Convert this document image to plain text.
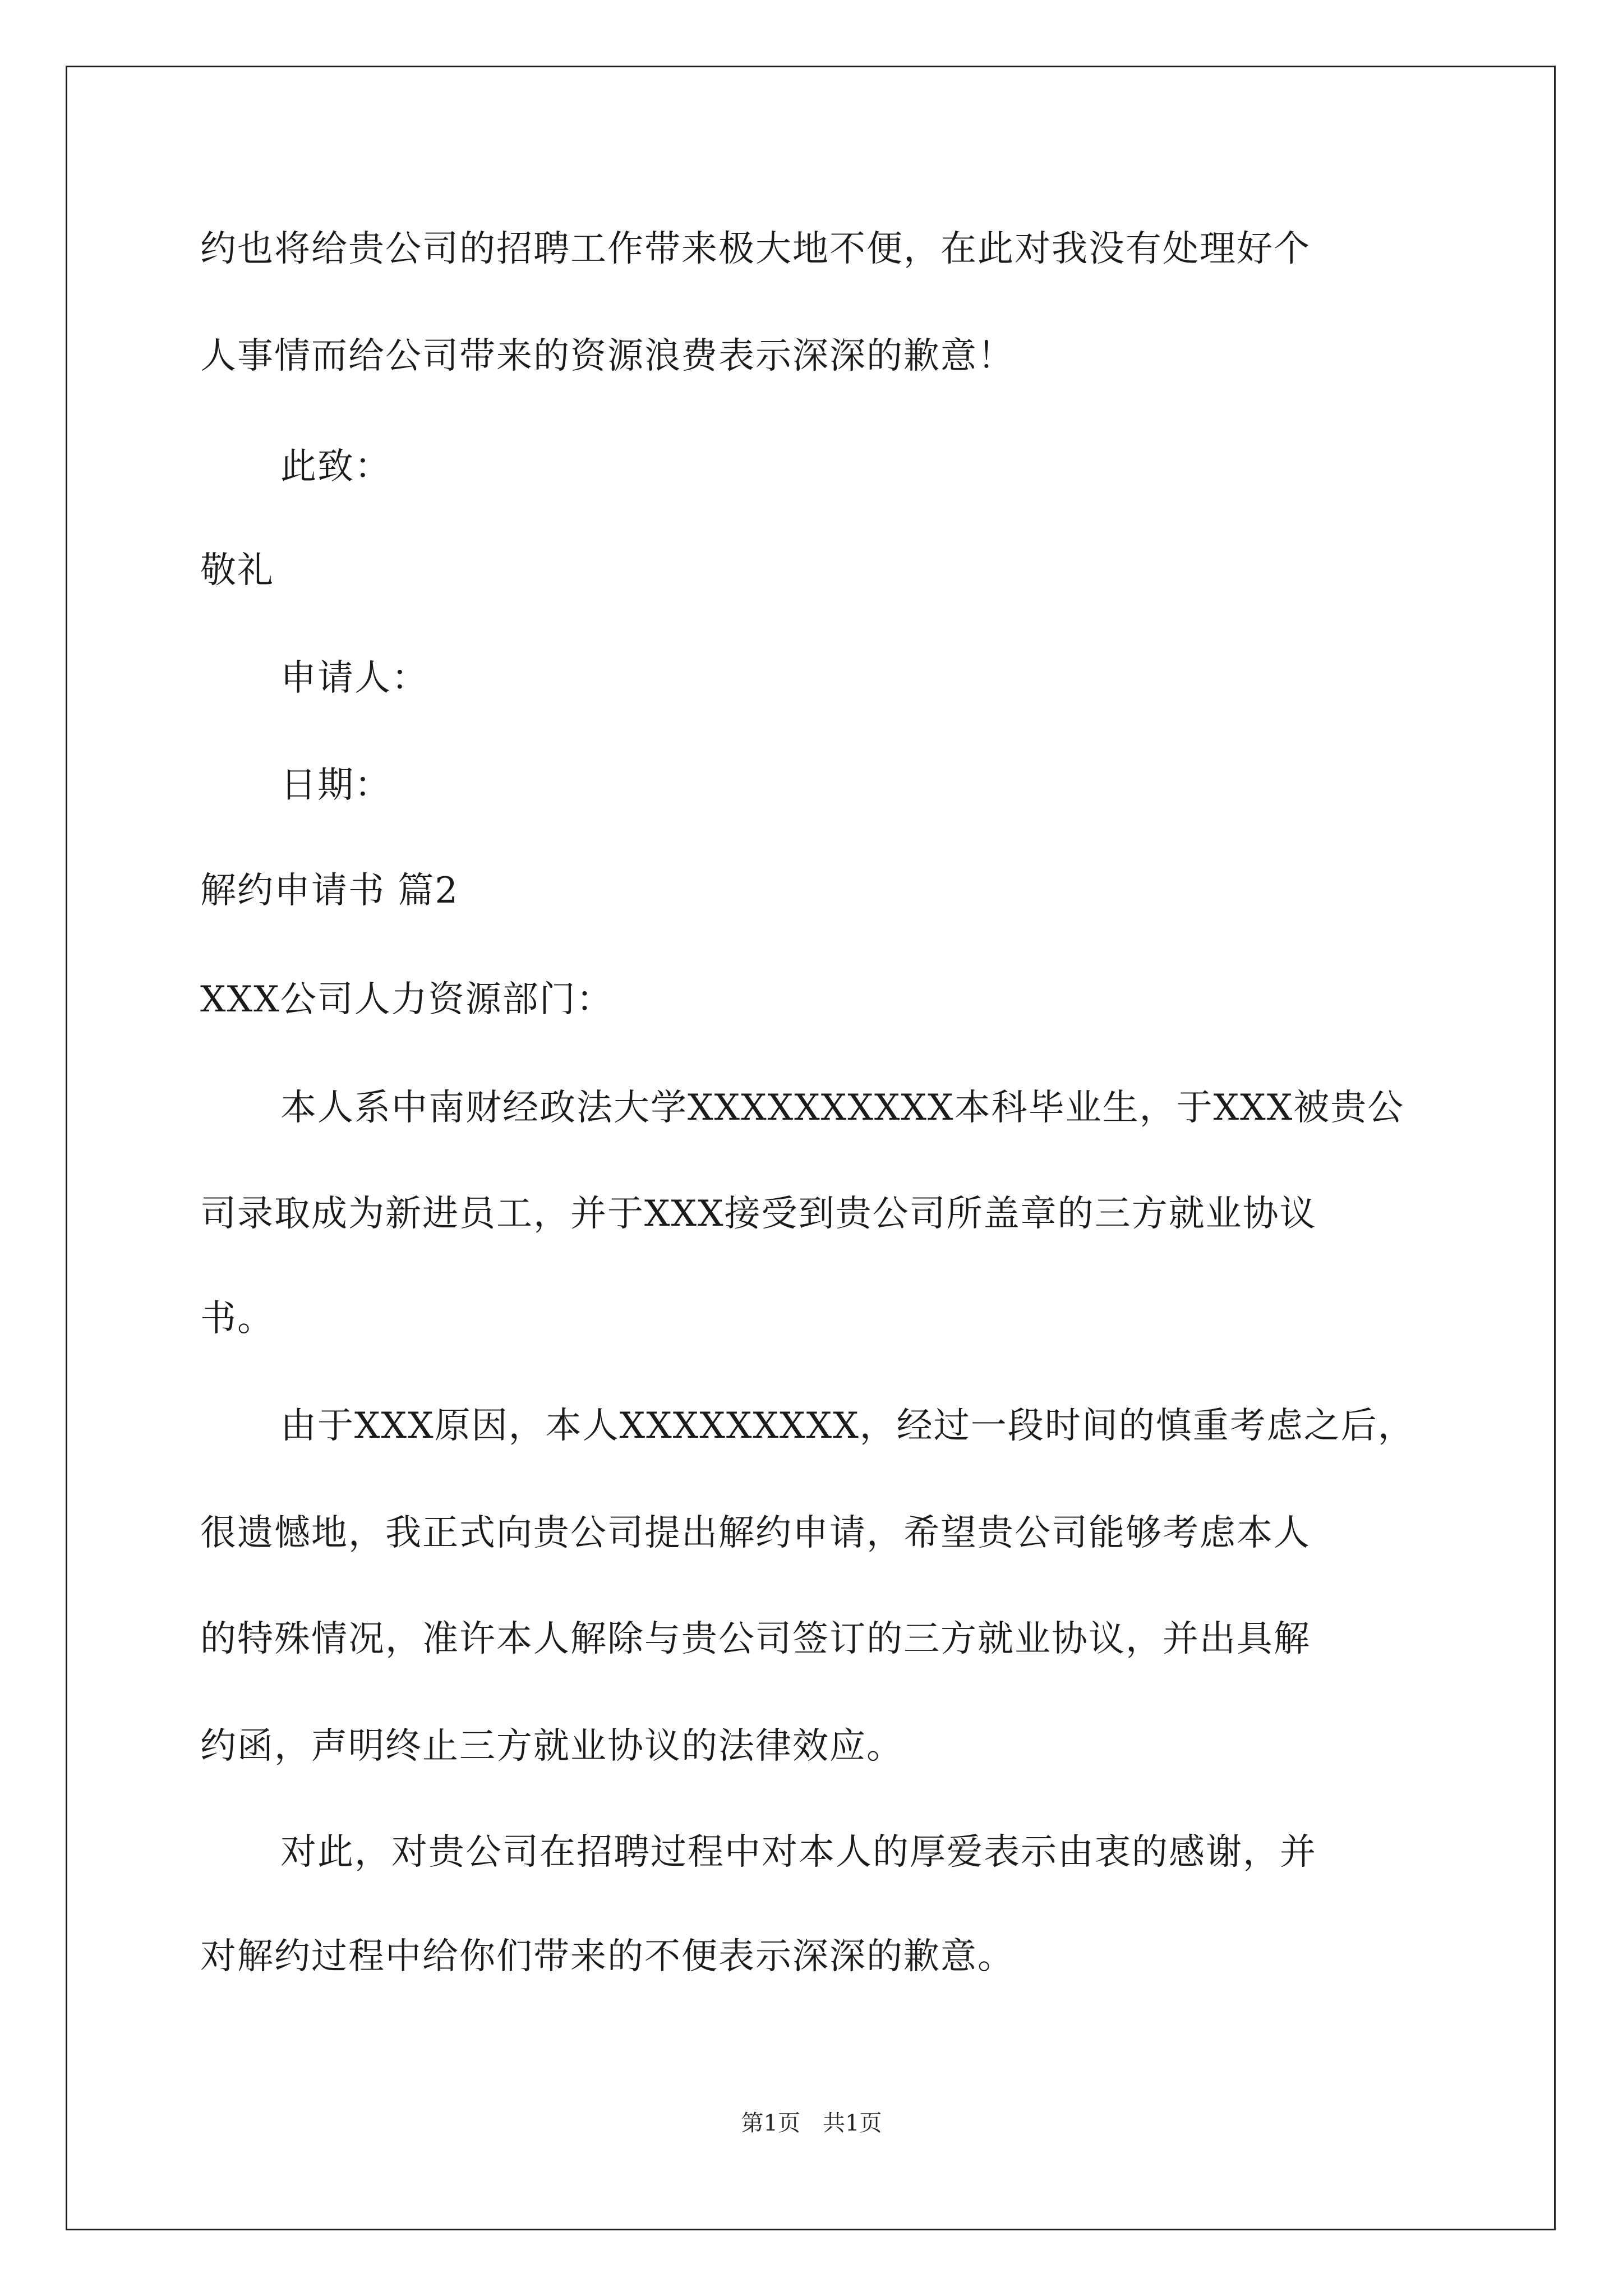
约也将给贵公司的招聘工作带来极大地不便，在此对我没有处理好个
人事情而给公司带来的资源浪费表示深深的歉意！
此致：
敬礼
申请人：
日期：
解约申请书 篇2
XXX公司人力资源部门：
本人系中南财经政法大学XXXXXXXXXX本科毕业生，于XXX被贵公
司录取成为新进员工，并于XXX接受到贵公司所盖章的三方就业协议
书。
由于XXX原因，本人XXXXXXXXX，经过一段时间的慎重考虑之后，
很遗憾地，我正式向贵公司提出解约申请，希望贵公司能够考虑本人
的特殊情况，准许本人解除与贵公司签订的三方就业协议，并出具解
约函，声明终止三方就业协议的法律效应。
对此，对贵公司在招聘过程中对本人的厚爱表示由衷的感谢，并
对解约过程中给你们带来的不便表示深深的歉意。
第1页　共1页
